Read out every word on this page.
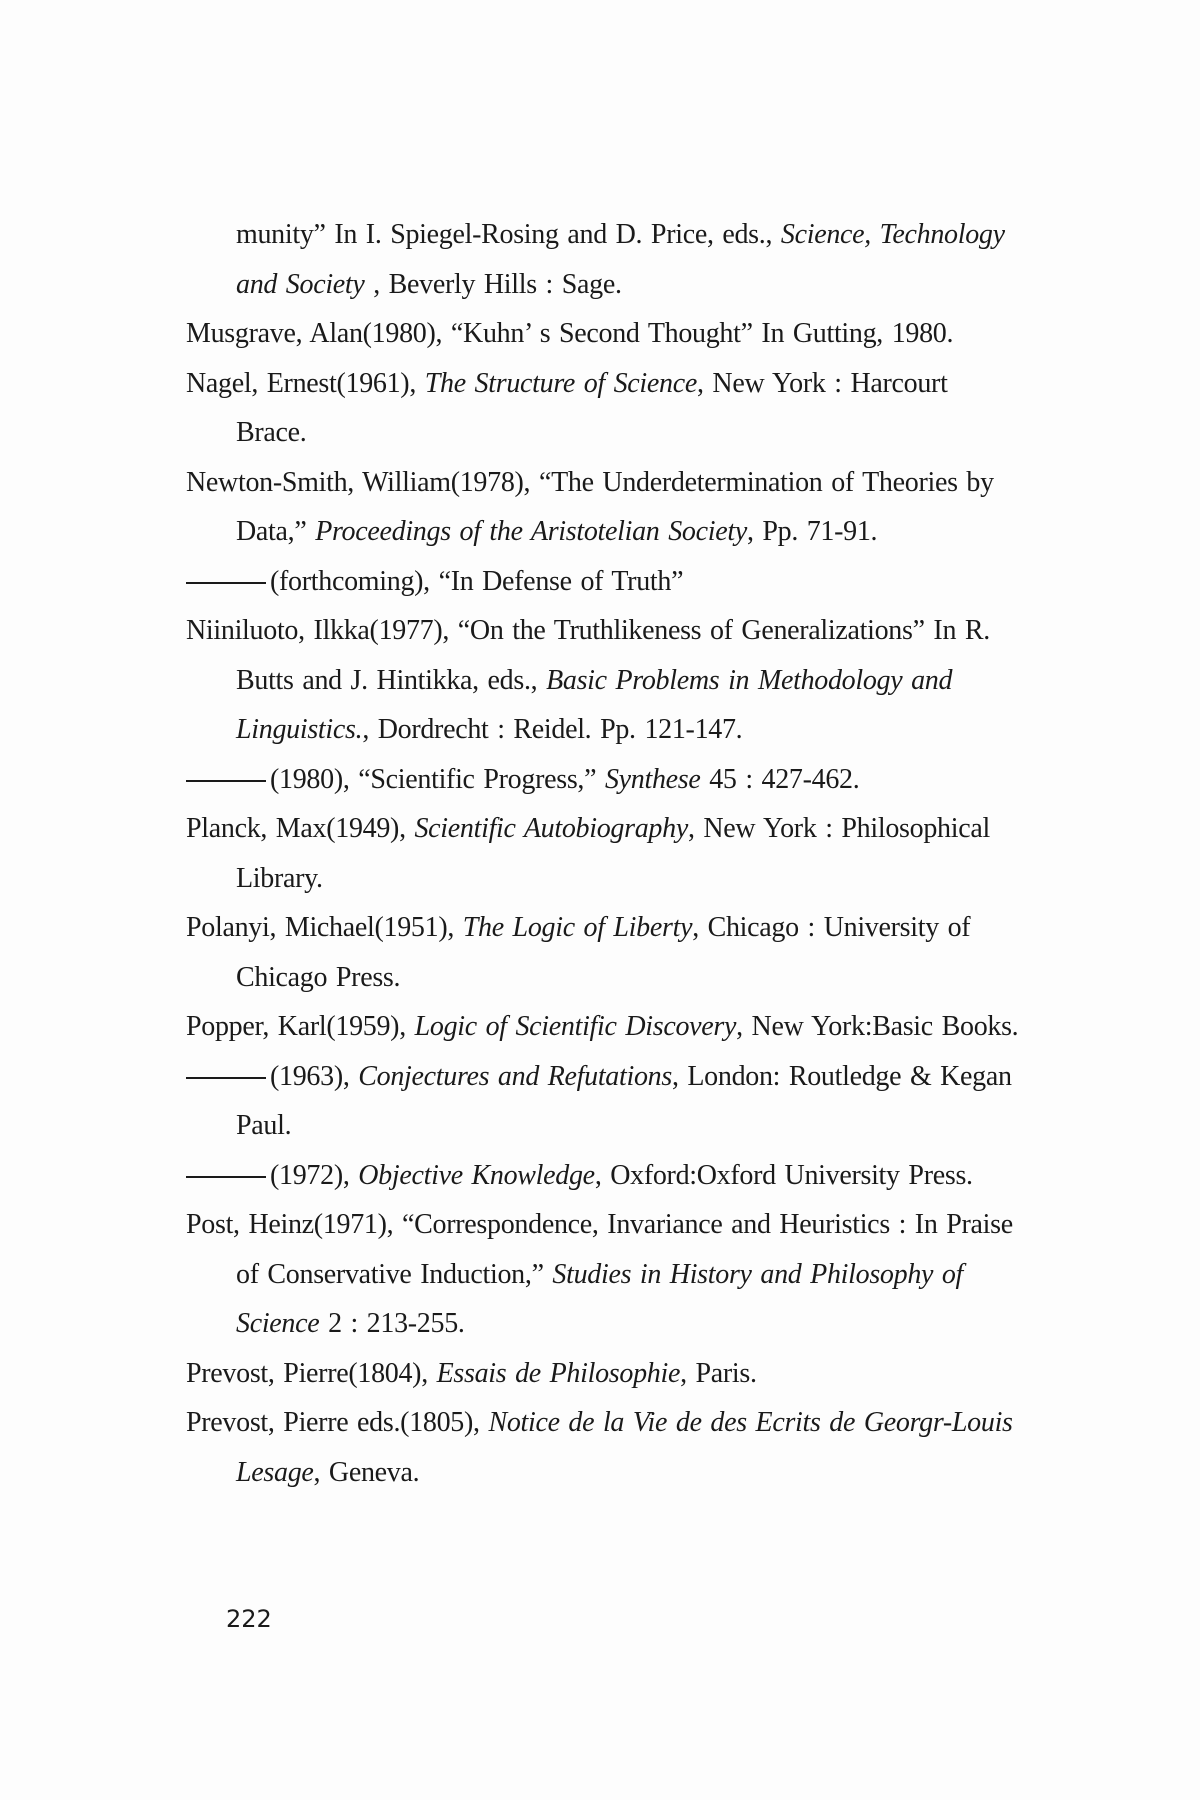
munity” In I. Spiegel-Rosing and D. Price, eds., Science, Technology and Society , Beverly Hills : Sage.

Musgrave, Alan(1980), “Kuhn’ s Second Thought” In Gutting, 1980.

Nagel, Ernest(1961), The Structure of Science, New York : Harcourt Brace.

Newton-Smith, William(1978), “The Underdetermination of Theories by Data,” Proceedings of the Aristotelian Society, Pp. 71-91.

(forthcoming), “In Defense of Truth”

Niiniluoto, Ilkka(1977), “On the Truthlikeness of Generalizations” In R. Butts and J. Hintikka, eds., Basic Problems in Methodology and Linguistics., Dordrecht : Reidel. Pp. 121-147.

(1980), “Scientific Progress,” Synthese 45 : 427-462.

Planck, Max(1949), Scientific Autobiography, New York : Philosophical Library.

Polanyi, Michael(1951), The Logic of Liberty, Chicago : University of Chicago Press.

Popper, Karl(1959), Logic of Scientific Discovery, New York:Basic Books.

(1963), Conjectures and Refutations, London: Routledge & Kegan Paul.

(1972), Objective Knowledge, Oxford:Oxford University Press.

Post, Heinz(1971), “Correspondence, Invariance and Heuristics : In Praise of Conservative Induction,” Studies in History and Philosophy of Science 2 : 213-255.

Prevost, Pierre(1804), Essais de Philosophie, Paris.

Prevost, Pierre eds.(1805), Notice de la Vie de des Ecrits de Georgr-Louis Lesage, Geneva.

222
